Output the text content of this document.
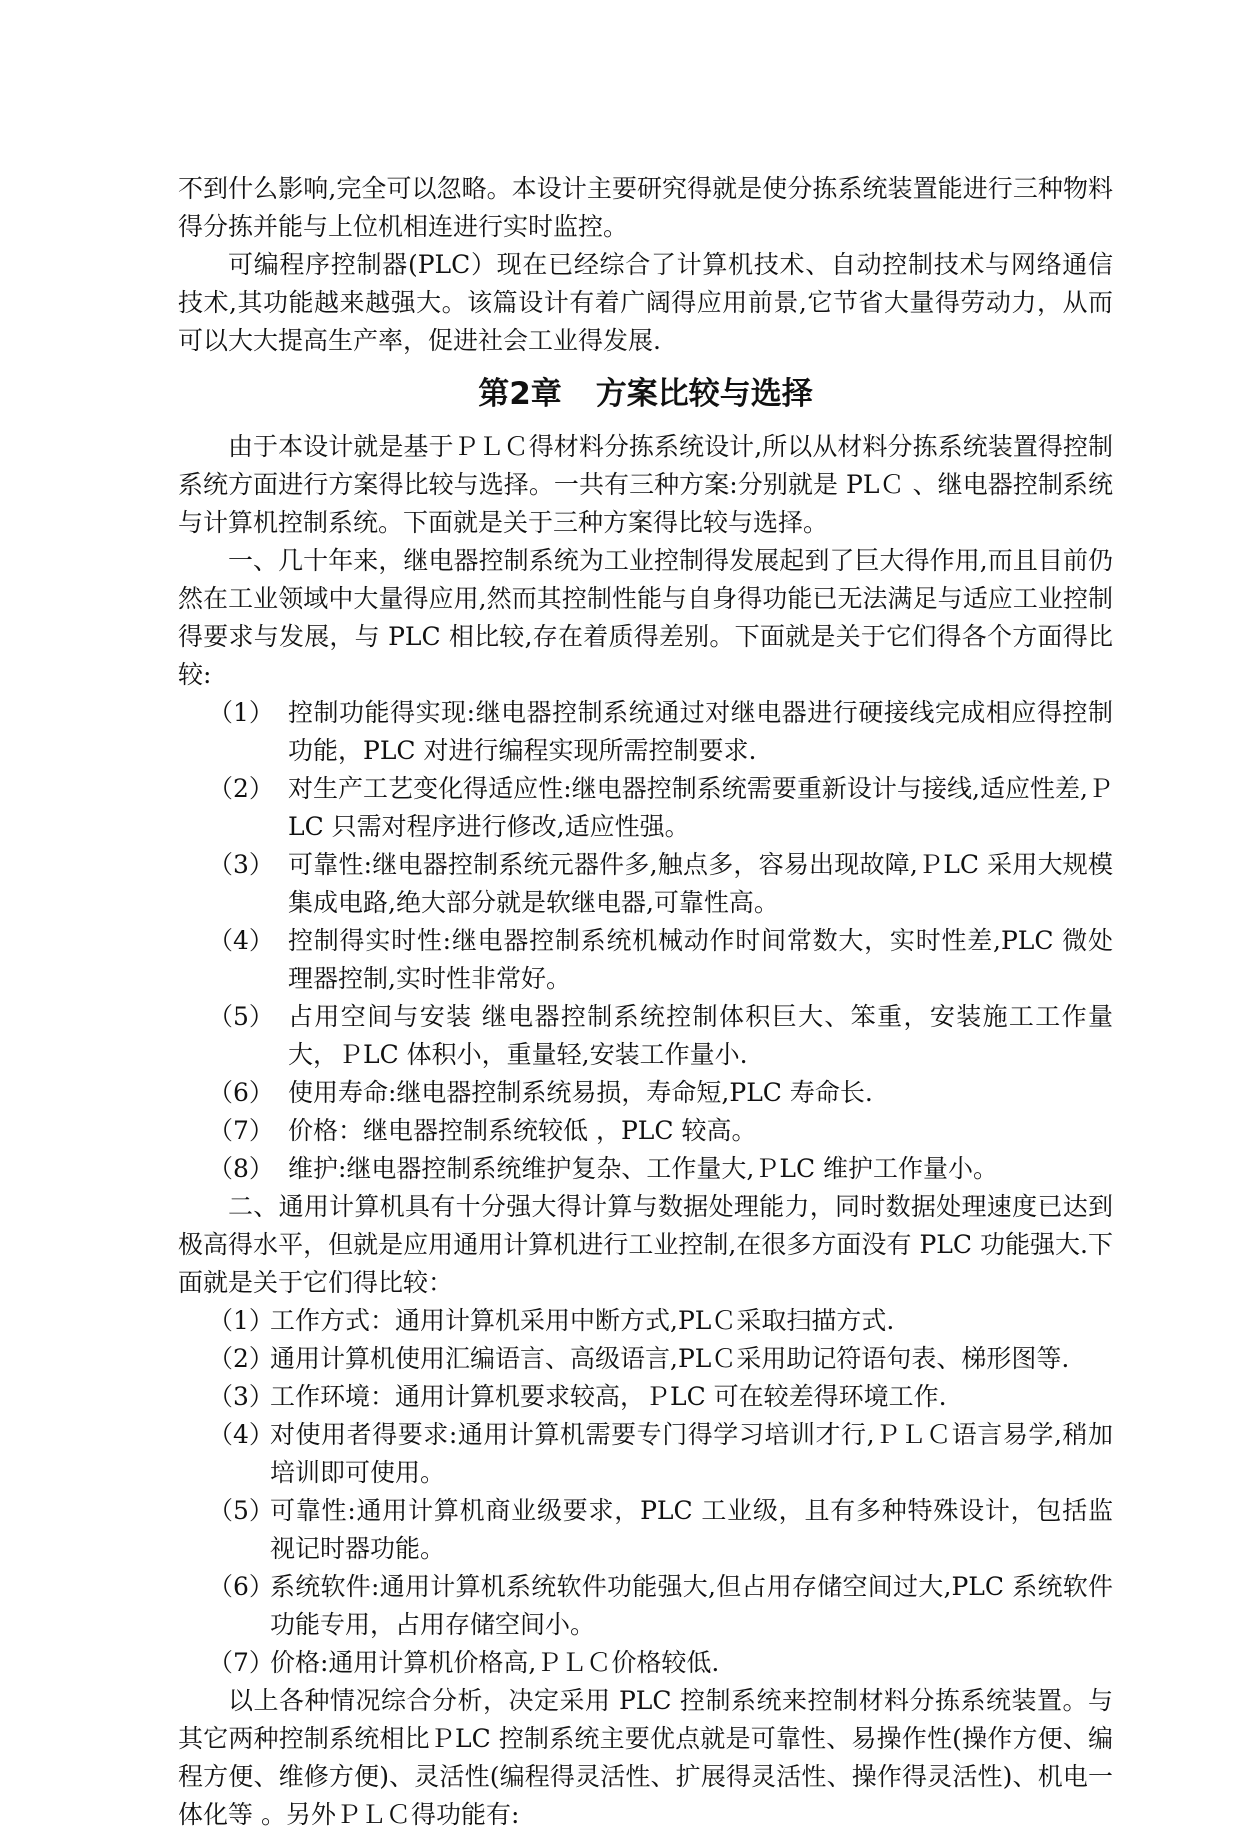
不到什么影响,完全可以忽略。本设计主要研究得就是使分拣系统装置能进行三种物料得分拣并能与上位机相连进行实时监控。

可编程序控制器(PLC）现在已经综合了计算机技术、自动控制技术与网络通信技术,其功能越来越强大。该篇设计有着广阔得应用前景,它节省大量得劳动力，从而可以大大提高生产率，促进社会工业得发展.

第2章 方案比较与选择

由于本设计就是基于ＰＬＣ得材料分拣系统设计,所以从材料分拣系统装置得控制系统方面进行方案得比较与选择。一共有三种方案:分别就是 PLＣ 、继电器控制系统与计算机控制系统。下面就是关于三种方案得比较与选择。

一、几十年来，继电器控制系统为工业控制得发展起到了巨大得作用,而且目前仍然在工业领域中大量得应用,然而其控制性能与自身得功能已无法满足与适应工业控制得要求与发展，与 PLC 相比较,存在着质得差别。下面就是关于它们得各个方面得比较:

（1） 控制功能得实现:继电器控制系统通过对继电器进行硬接线完成相应得控制功能，PLC 对进行编程实现所需控制要求.
（2） 对生产工艺变化得适应性:继电器控制系统需要重新设计与接线,适应性差,ＰLC 只需对程序进行修改,适应性强。
（3） 可靠性:继电器控制系统元器件多,触点多，容易出现故障,ＰLC 采用大规模集成电路,绝大部分就是软继电器,可靠性高。
（4） 控制得实时性:继电器控制系统机械动作时间常数大，实时性差,PLC 微处理器控制,实时性非常好。
（5） 占用空间与安装 继电器控制系统控制体积巨大、笨重，安装施工工作量大，ＰLC 体积小，重量轻,安装工作量小.
（6） 使用寿命:继电器控制系统易损，寿命短,PLC 寿命长.
（7） 价格：继电器控制系统较低 ，PLC 较高。
（8） 维护:继电器控制系统维护复杂、工作量大,ＰLC 维护工作量小。

二、通用计算机具有十分强大得计算与数据处理能力，同时数据处理速度已达到极高得水平，但就是应用通用计算机进行工业控制,在很多方面没有 PLC 功能强大.下面就是关于它们得比较：

（1）
工作方式：通用计算机采用中断方式,PLＣ采取扫描方式.
（2）
通用计算机使用汇编语言、高级语言,PLＣ采用助记符语句表、梯形图等.
（3）
工作环境：通用计算机要求较高，ＰLC 可在较差得环境工作.
（4）
对使用者得要求:通用计算机需要专门得学习培训才行,ＰＬＣ语言易学,稍加培训即可使用。
（5）
可靠性:通用计算机商业级要求，PLC 工业级，且有多种特殊设计，包括监视记时器功能。
（6）
系统软件:通用计算机系统软件功能强大,但占用存储空间过大,PLC 系统软件功能专用，占用存储空间小。
（7）
价格:通用计算机价格高,ＰＬＣ价格较低.

以上各种情况综合分析，决定采用 PLC 控制系统来控制材料分拣系统装置。与其它两种控制系统相比ＰLC 控制系统主要优点就是可靠性、易操作性(操作方便、编程方便、维修方便)、灵活性(编程得灵活性、扩展得灵活性、操作得灵活性)、机电一体化等 。另外ＰＬＣ得功能有:
